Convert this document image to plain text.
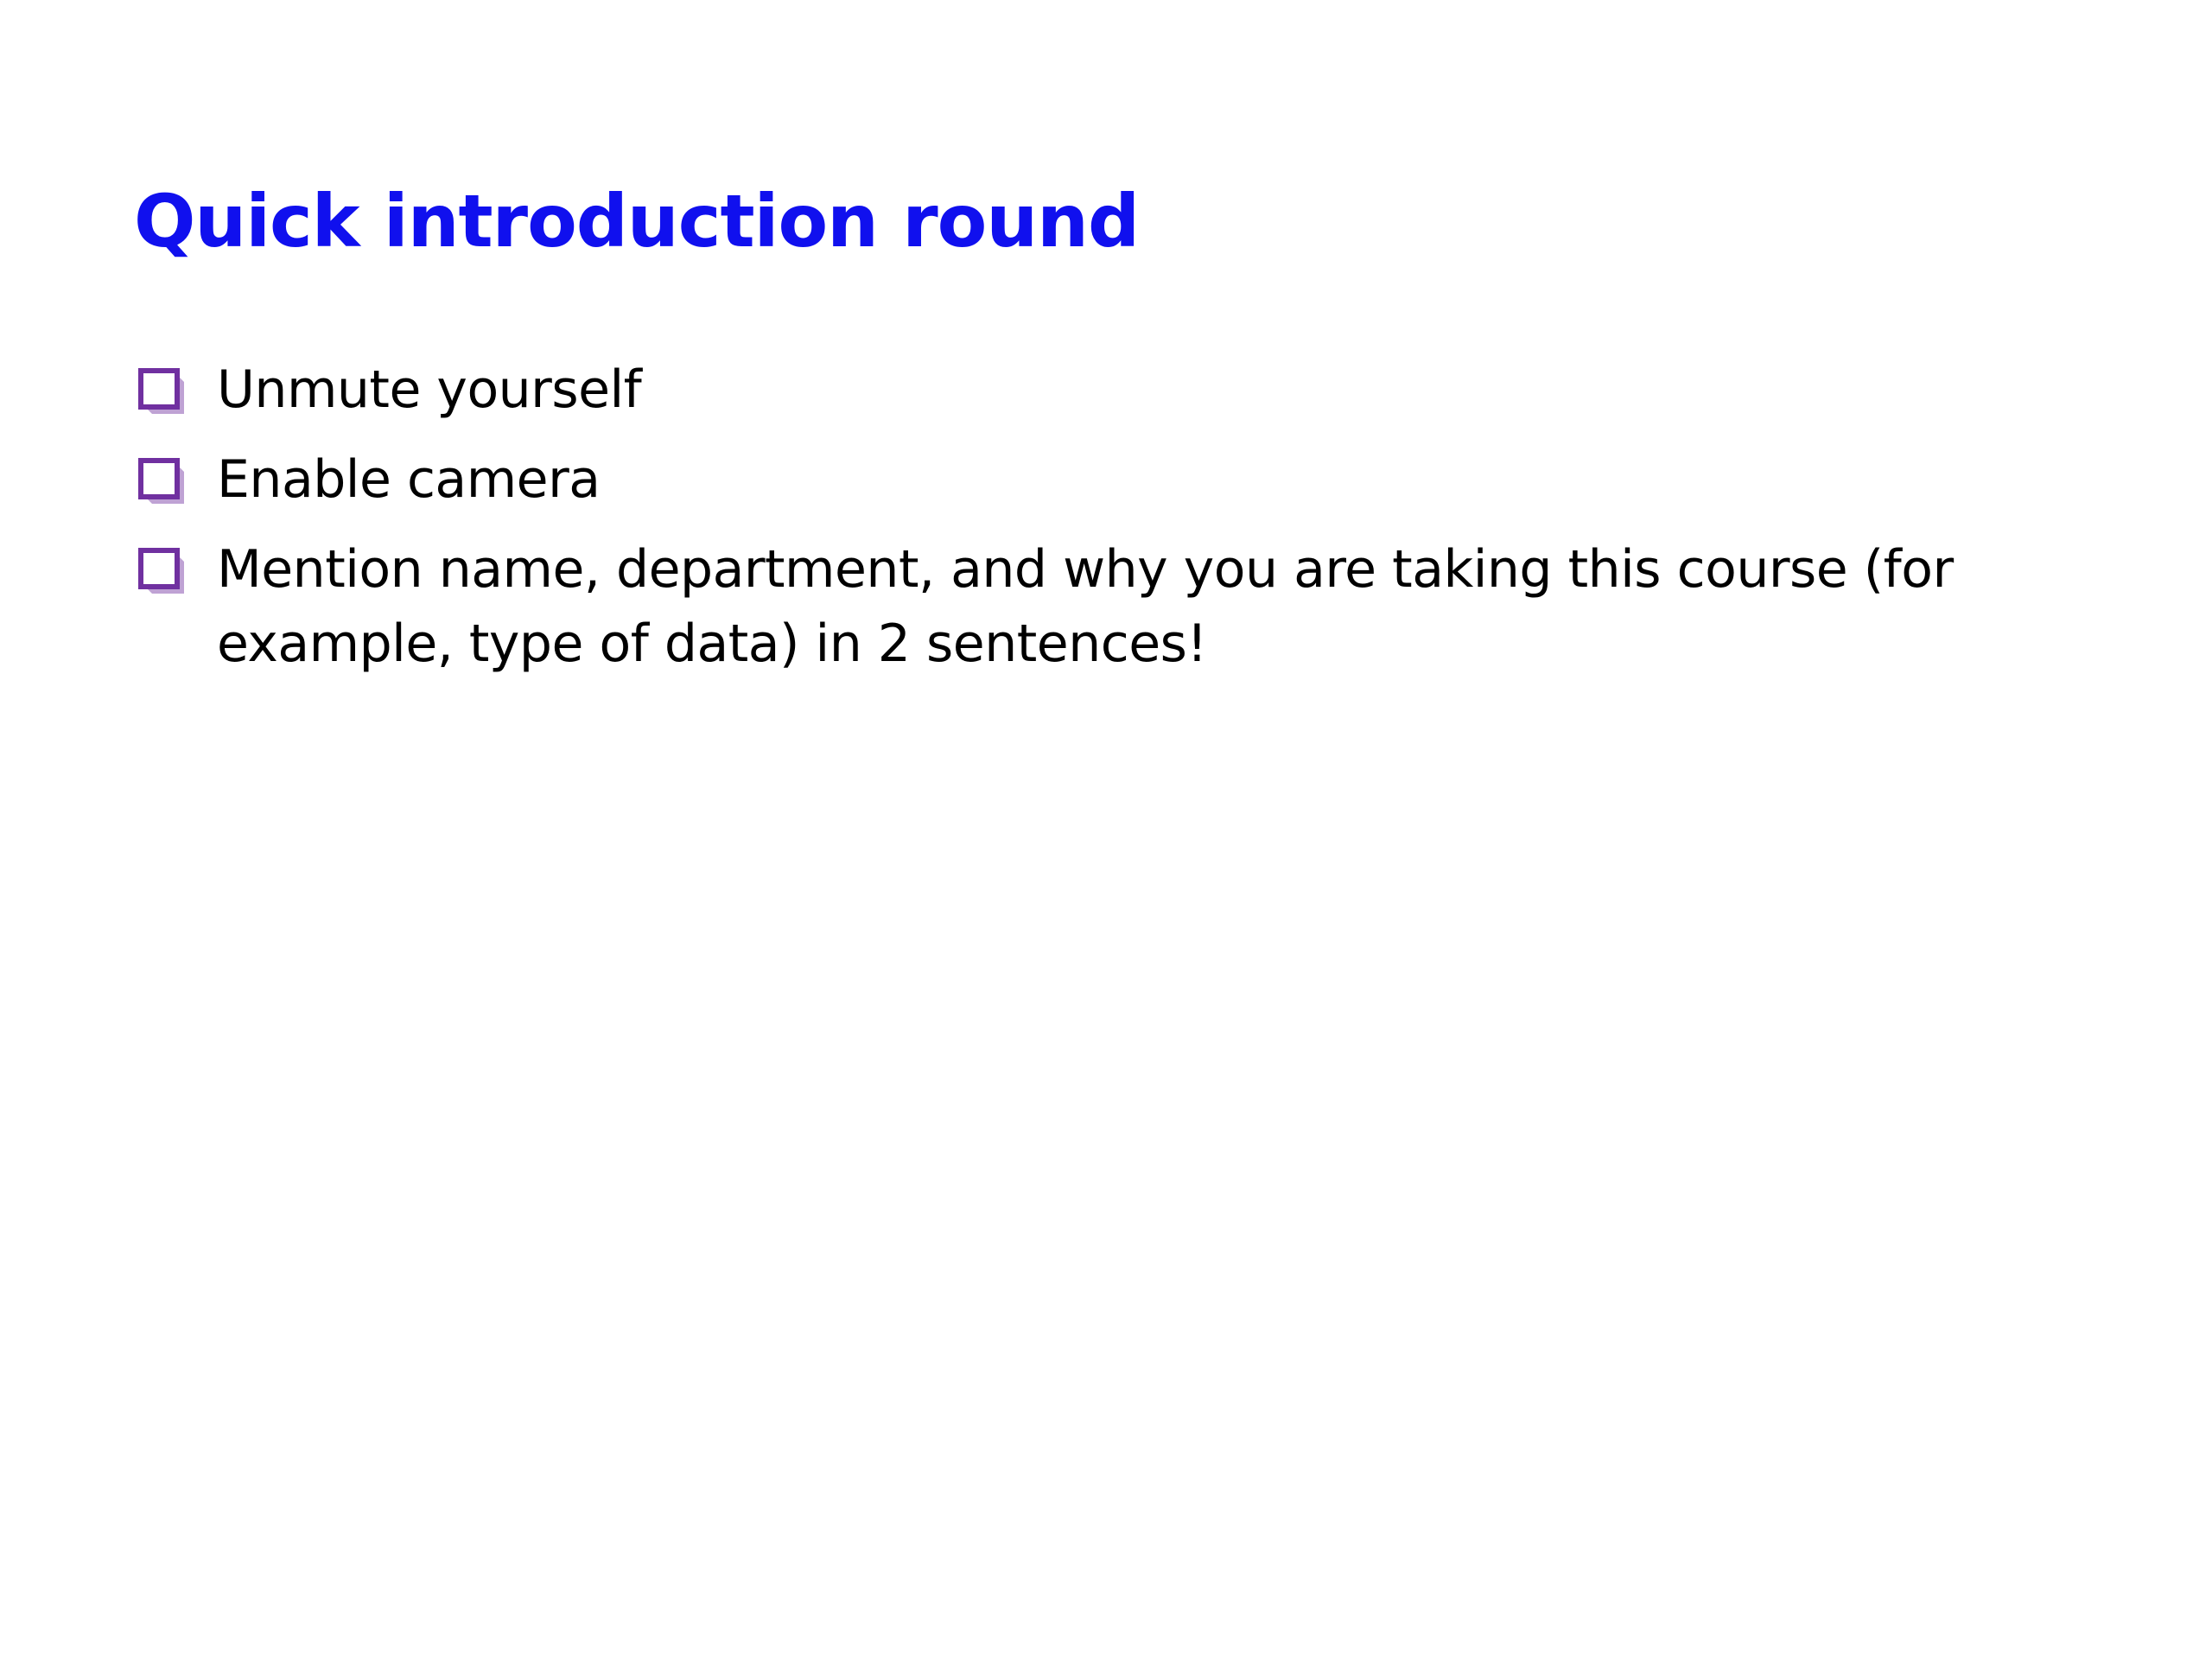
Quick introduction round
Unmute yourself
Enable camera
Mention name, department, and why you are taking this course (for example, type of data) in 2 sentences!
